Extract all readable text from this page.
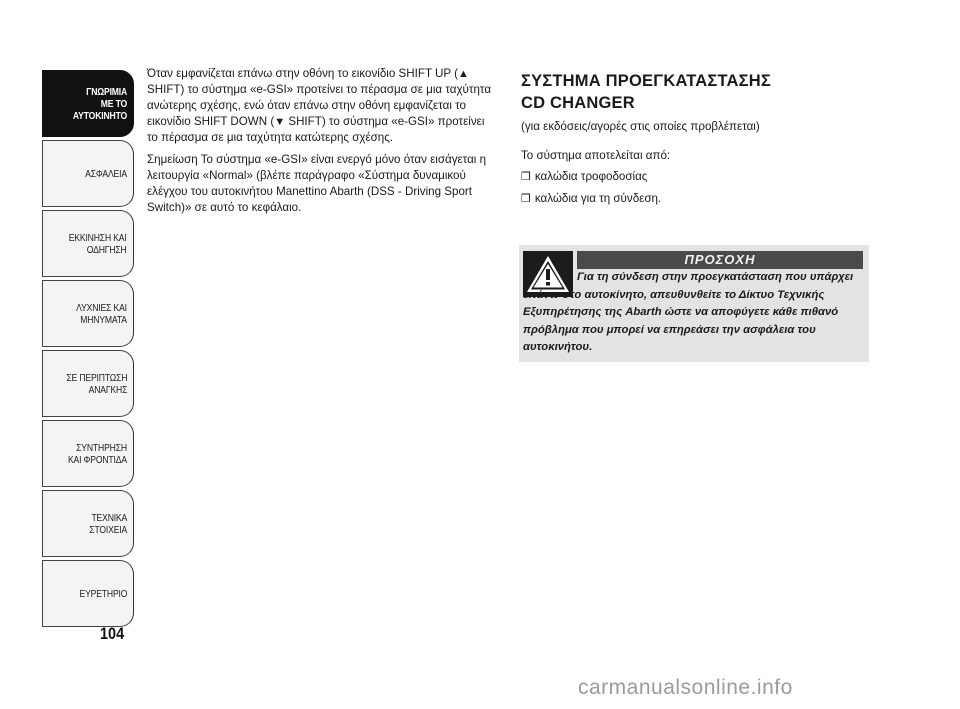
ΓΝΩΡΙΜΙΑ
ΜΕ ΤΟ
ΑΥΤΟΚΙΝΗΤΟ
ΑΣΦΑΛΕΙΑ
ΕΚΚΙΝΗΣΗ ΚΑΙ
ΟΔΗΓΗΣΗ
ΛΥΧΝΙΕΣ ΚΑΙ
ΜΗΝΥΜΑΤΑ
ΣΕ ΠΕΡΙΠΤΩΣΗ
ΑΝΑΓΚΗΣ
ΣΥΝΤΗΡΗΣΗ
ΚΑΙ ΦΡΟΝΤΙΔΑ
ΤΕΧΝΙΚΑ
ΣΤΟΙΧΕΙΑ
ΕΥΡΕΤΗΡΙΟ
104

Όταν εμφανίζεται επάνω στην οθόνη το εικονίδιο SHIFT UP (▲ SHIFT) το σύστημα «e-GSI» προτείνει το πέρασμα σε μια ταχύτητα ανώτερης σχέσης, ενώ όταν επάνω στην οθόνη εμφανίζεται το εικονίδιο SHIFT DOWN (▼ SHIFT) το σύστημα «e-GSI» προτείνει το πέρασμα σε μια ταχύτητα κατώτερης σχέσης.

Σημείωση Το σύστημα «e-GSI» είναι ενεργό μόνο όταν εισάγεται η λειτουργία «Normal» (βλέπε παράγραφο «Σύστημα δυναμικού ελέγχου του αυτοκινήτου Manettino Abarth (DSS - Driving Sport Switch)» σε αυτό το κεφάλαιο.

ΣΥΣΤΗΜΑ ΠΡΟΕΓΚΑΤΑΣΤΑΣΗΣ
CD CHANGER

(για εκδόσεις/αγορές στις οποίες προβλέπεται)

Το σύστημα αποτελείται από:

❒ καλώδια τροφοδοσίας
❒ καλώδια για τη σύνδεση.
ΠΡΟΣΟΧΗ
Για τη σύνδεση στην προεγκατάσταση που υπάρχει επάνω στο αυτοκίνητο, απευθυνθείτε το Δίκτυο Τεχνικής Εξυπηρέτησης της Abarth ώστε να αποφύγετε κάθε πιθανό πρόβλημα που μπορεί να επηρεάσει την ασφάλεια του αυτοκινήτου.
carmanualsonline.info
